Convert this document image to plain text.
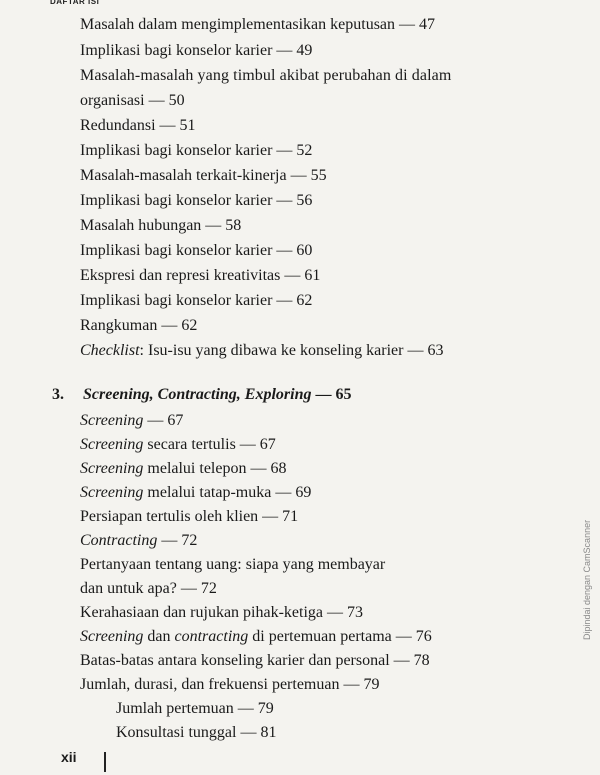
DAFTAR ISI
Masalah dalam mengimplementasikan keputusan — 47
Implikasi bagi konselor karier — 49
Masalah-masalah yang timbul akibat perubahan di dalam
organisasi — 50
Redundansi — 51
Implikasi bagi konselor karier — 52
Masalah-masalah terkait-kinerja — 55
Implikasi bagi konselor karier — 56
Masalah hubungan — 58
Implikasi bagi konselor karier — 60
Ekspresi dan represi kreativitas — 61
Implikasi bagi konselor karier — 62
Rangkuman — 62
Checklist: Isu-isu yang dibawa ke konseling karier — 63
3. Screening, Contracting, Exploring — 65
Screening — 67
Screening secara tertulis — 67
Screening melalui telepon — 68
Screening melalui tatap-muka — 69
Persiapan tertulis oleh klien — 71
Contracting — 72
Pertanyaan tentang uang: siapa yang membayar
dan untuk apa? — 72
Kerahasiaan dan rujukan pihak-ketiga — 73
Screening dan contracting di pertemuan pertama — 76
Batas-batas antara konseling karier dan personal — 78
Jumlah, durasi, dan frekuensi pertemuan — 79
Jumlah pertemuan — 79
Konsultasi tunggal — 81
xii
Dipindai dengan CamScanner
